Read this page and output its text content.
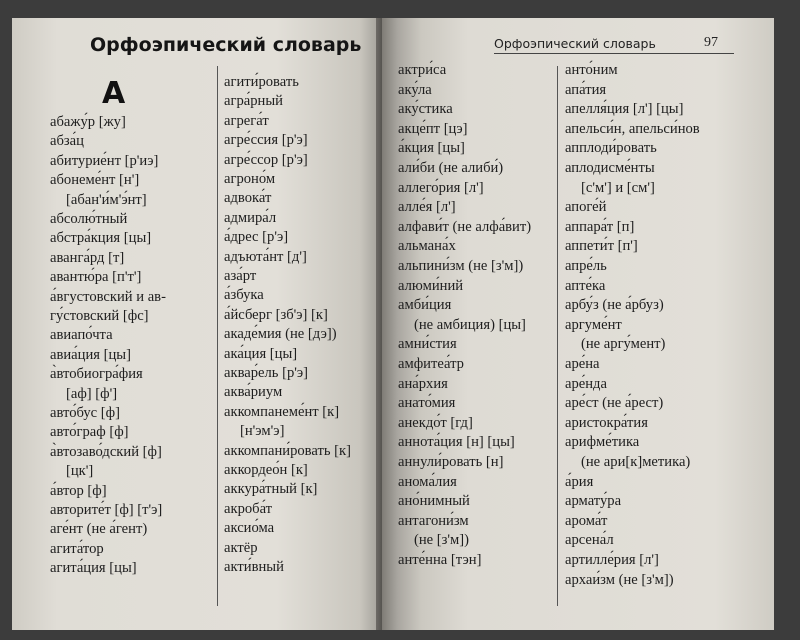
Орфоэпический словарь
А
абажу́р [жу]
абза́ц
абитурие́нт [р'иэ]
абонеме́нт [н']
[абан'и́м'э́нт]
абсолю́тный
абстра́кция [цы]
аванга́рд [т]
авантю́ра [п'т']
а́вгустовский и ав-
гу́стовский [фс]
авиапо́чта
авиа́ция [цы]
а̀втобиогра́фия
[аф] [ф']
авто́бус [ф]
авто́граф [ф]
а̀втозаво́дский [ф]
[цк']
а́втор [ф]
авторите́т [ф] [т'э]
аге́нт (не а́гент)
агита́тор
агита́ция [цы]
агити́ровать
агра́рный
агрега́т
агре́ссия [р'э]
агре́ссор [р'э]
агроно́м
адвока́т
адмира́л
а́дрес [р'э]
адъюта́нт [д']
аза́рт
а́збука
а́йсберг [зб'э] [к]
акаде́мия (не [дэ])
ака́ция [цы]
аквар́ель [р'э]
аква́риум
аккомпанеме́нт [к]
[н'эм'э]
аккомпани́ровать [к]
аккордео́н [к]
аккура́тный [к]
акроба́т
аксио́ма
актёр
акти́вный
Орфоэпический словарь	97
актри́са
аку́ла
аку́стика
акце́пт [цэ]
а́кция [цы]
али́би (не алиби́)
аллего́рия [л']
алле́я [л']
алфави́т (не алфа́вит)
альмана́х
альпини́зм (не [з'м])
алюми́ний
амби́ция
(не амбиция) [цы]
амни́стия
амфитеа́тр
ана́рхия
анато́мия
анекдо́т [гд]
аннота́ция [н] [цы]
аннули́ровать [н]
анома́лия
ано́нимный
антагони́зм
(не [з'м])
анте́нна [тэн]
анто́ним
апа́тия
апелля́ция [л'] [цы]
апельси́н, апельси́нов
апплоди́ровать
аплодисме́нты
[с'м'] и [см']
апоге́й
аппара́т [п]
аппети́т [п']
апре́ль
апте́ка
арбу́з (не а́рбуз)
аргуме́нт
(не аргу́мент)
аре́на
аре́нда
аре́ст (не а́рест)
аристокра́тия
арифме́тика
(не ари[к]метика)
а́рия
армату́ра
арома́т
арсена́л
артилле́рия [л']
архаи́зм (не [з'м])
